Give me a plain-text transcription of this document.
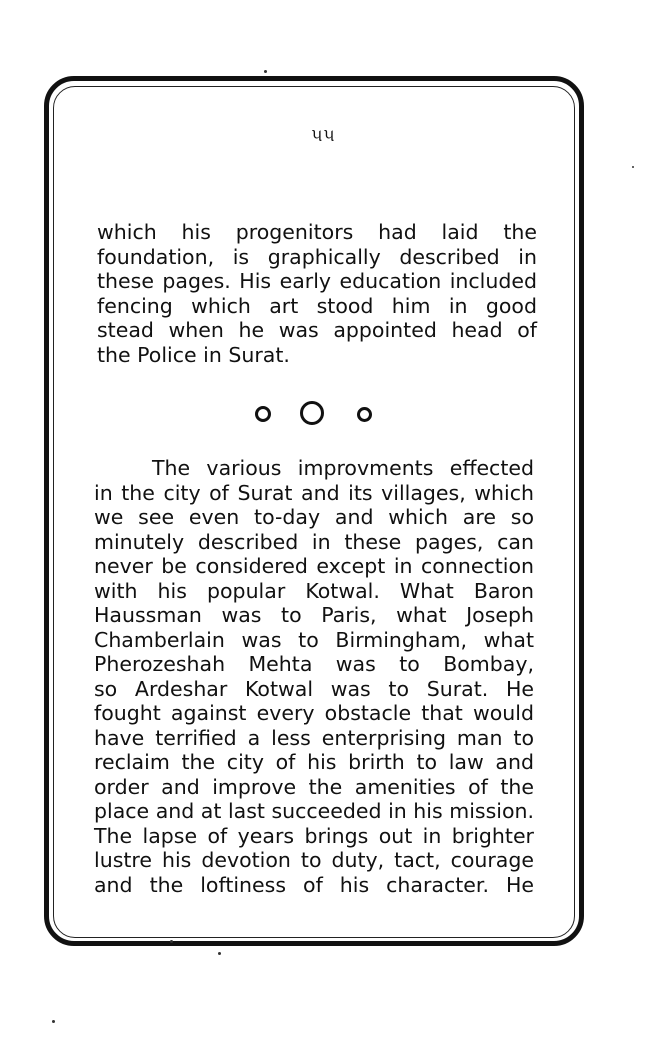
૫૫

which his progenitors had laid the
foundation, is graphically described in
these pages. His early education included
fencing which art stood him in good
stead when he was appointed head of
the Police in Surat.

The various improvments effected
in the city of Surat and its villages, which
we see even to-day and which are so
minutely described in these pages, can
never be considered except in connection
with his popular Kotwal. What Baron
Haussman was to Paris, what Joseph
Chamberlain was to Birmingham, what
Pherozeshah Mehta was to Bombay,
so Ardeshar Kotwal was to Surat. He
fought against every obstacle that would
have terrified a less enterprising man to
reclaim the city of his brirth to law and
order and improve the amenities of the
place and at last succeeded in his mission.
The lapse of years brings out in brighter
lustre his devotion to duty, tact, courage
and the loftiness of his character. He
